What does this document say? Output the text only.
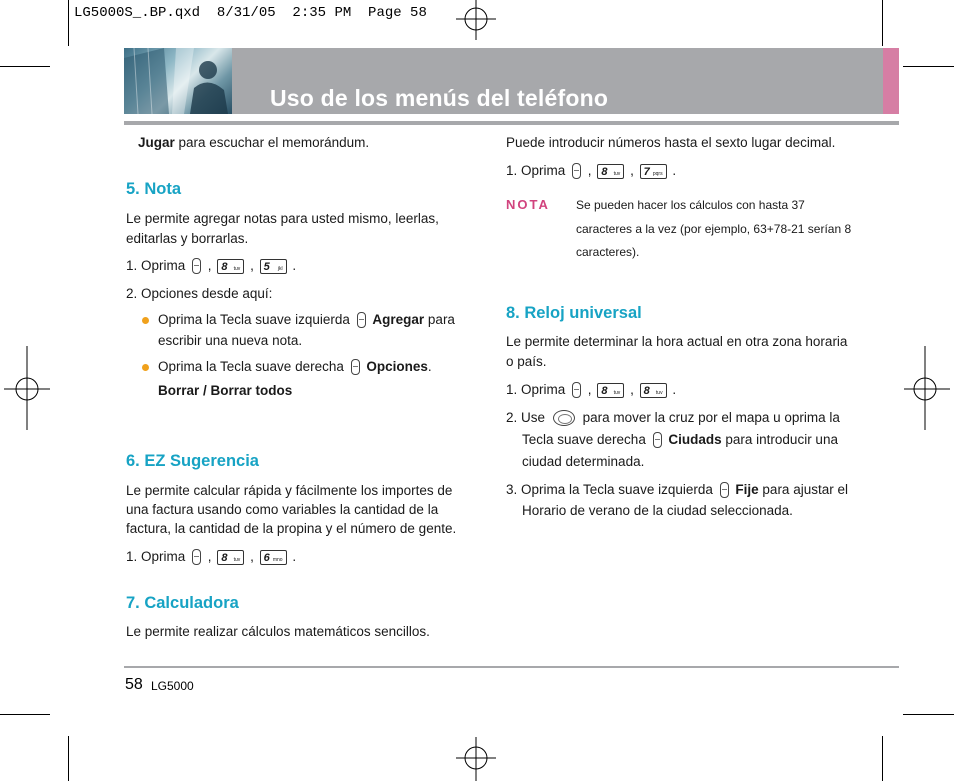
LG5000S_.BP.qxd  8/31/05  2:35 PM  Page 58
Uso de los menús del teléfono
Jugar para escuchar el memorándum.
5. Nota
Le permite agregar notas para usted mismo, leerlas,
editarlas y borrarlas.
1. Oprima  , 8 tuv , 5 jkl .
2. Opciones desde aquí:
Oprima la Tecla suave izquierda Agregar para
escribir una nueva nota.
Oprima la Tecla suave derecha Opciones.
Borrar / Borrar todos
6. EZ Sugerencia
Le permite calcular rápida y fácilmente los importes de
una factura usando como variables la cantidad de la
factura, la cantidad de la propina y el número de gente.
1. Oprima  , 8 tuv , 6 mno .
7. Calculadora
Le permite realizar cálculos matemáticos sencillos.
Puede introducir números hasta el sexto lugar decimal.
1. Oprima  , 8 tuv , 7 pqrs .
NOTA Se pueden hacer los cálculos con hasta 37
caracteres a la vez (por ejemplo, 63+78-21 serían 8
caracteres).
8. Reloj universal
Le permite determinar la hora actual en otra zona horaria
o país.
1. Oprima  , 8 tuv , 8 tuv .
2. Use	para mover la cruz por el mapa u oprima la
Tecla suave derecha Ciudads para introducir una
ciudad determinada.
3. Oprima la Tecla suave izquierda Fije para ajustar el
Horario de verano de la ciudad seleccionada.
58 LG5000
